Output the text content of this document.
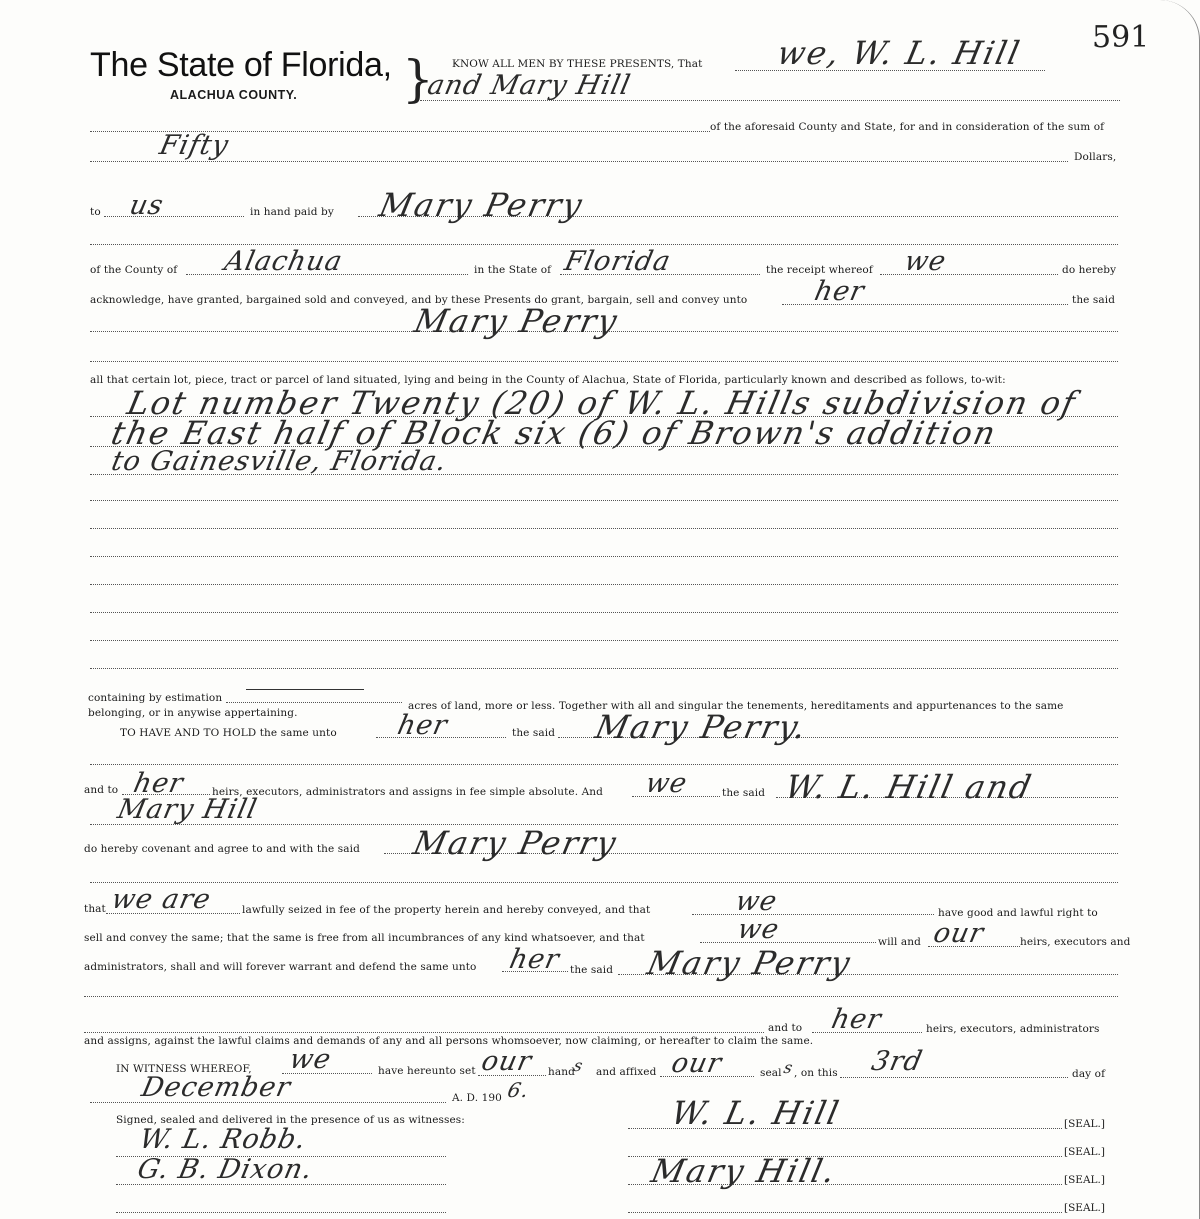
The State of Florida,
ALACHUA COUNTY. }
591
KNOW ALL MEN BY THESE PRESENTS, That we, W. L. Hill
and Mary Hill
of the aforesaid County and State, for and in consideration of the sum of
Fifty	Dollars,
to us	in hand paid by Mary Perry
of the County of Alachua	in the State of Florida	the receipt whereof we	do hereby
acknowledge, have granted, bargained sold and conveyed, and by these Presents do grant, bargain, sell and convey unto her	the said
Mary Perry
all that certain lot, piece, tract or parcel of land situated, lying and being in the County of Alachua, State of Florida, particularly known and described as follows, to-wit:
Lot number Twenty (20) of W. L. Hills subdivision of
the East half of Block six (6) of Brown's addition
to Gainesville, Florida.
containing by estimation
acres of land, more or less. Together with all and singular the tenements, hereditaments and appurtenances to the same
belonging, or in anywise appertaining.
TO HAVE AND TO HOLD the same unto her	the said Mary Perry.
and to her heirs, executors, administrators and assigns in fee simple absolute. And we	the said W. L. Hill and
Mary Hill
do hereby covenant and agree to and with the said Mary Perry
that we are	lawfully seized in fee of the property herein and hereby conveyed, and that	we	have good and lawful right to
sell and convey the same; that the same is free from all incumbrances of any kind whatsoever, and that	we	will and our	heirs, executors and
administrators, shall and will forever warrant and defend the same unto her the said Mary Perry
and to her	heirs, executors, administrators
and assigns, against the lawful claims and demands of any and all persons whomsoever, now claiming, or hereafter to claim the same.
IN WITNESS WHEREOF, we	have hereunto set our hand
s and affixed our	seal s
, on this 3rd	day of
December	A. D. 190 6.
Signed, sealed and delivered in the presence of us as witnesses:
W. L. Robb.
G. B. Dixon.
W. L. Hill	[SEAL.]
[SEAL.]
Mary Hill.	[SEAL.]
[SEAL.]
